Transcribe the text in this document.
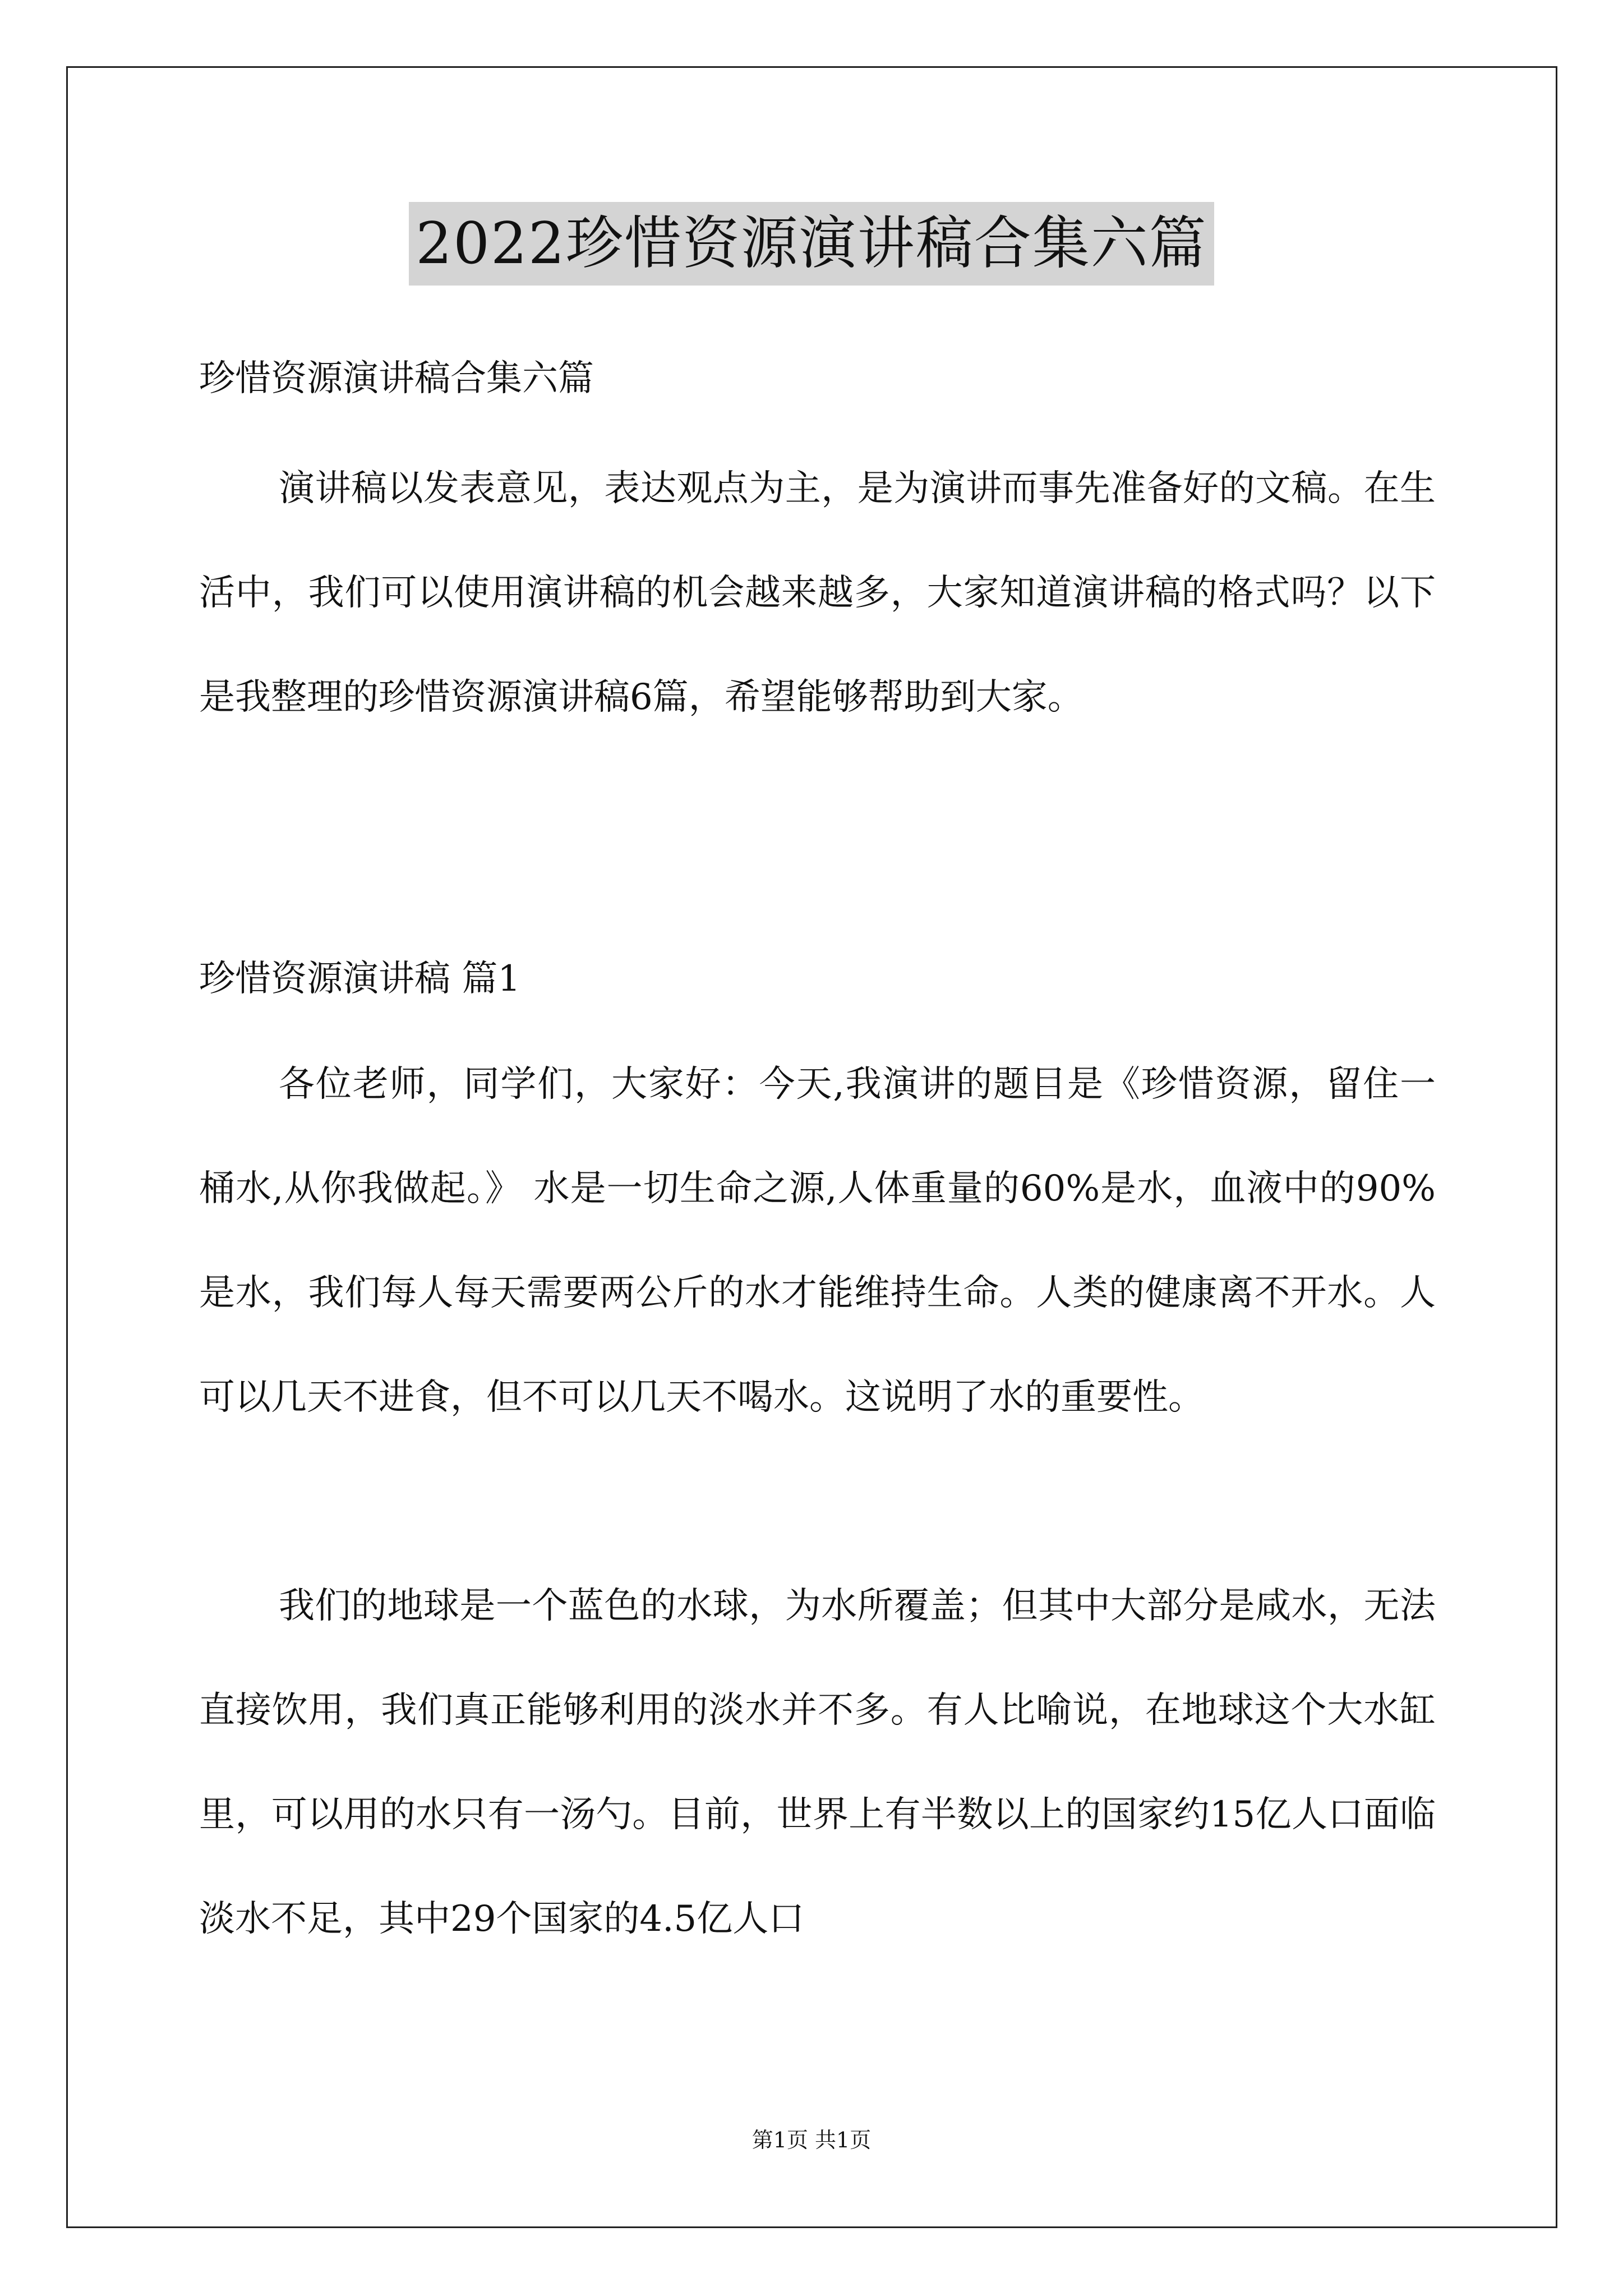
2022珍惜资源演讲稿合集六篇
珍惜资源演讲稿合集六篇
演讲稿以发表意见，表达观点为主，是为演讲而事先准备好的文稿。在生活中，我们可以使用演讲稿的机会越来越多，大家知道演讲稿的格式吗？以下是我整理的珍惜资源演讲稿6篇，希望能够帮助到大家。
珍惜资源演讲稿 篇1
各位老师，同学们，大家好：今天,我演讲的题目是《珍惜资源，留住一桶水,从你我做起。》 水是一切生命之源,人体重量的60%是水，血液中的90%是水，我们每人每天需要两公斤的水才能维持生命。人类的健康离不开水。人可以几天不进食，但不可以几天不喝水。这说明了水的重要性。
我们的地球是一个蓝色的水球，为水所覆盖；但其中大部分是咸水，无法直接饮用，我们真正能够利用的淡水并不多。有人比喻说，在地球这个大水缸里，可以用的水只有一汤勺。目前，世界上有半数以上的国家约15亿人口面临淡水不足，其中29个国家的4.5亿人口
第1页 共1页
